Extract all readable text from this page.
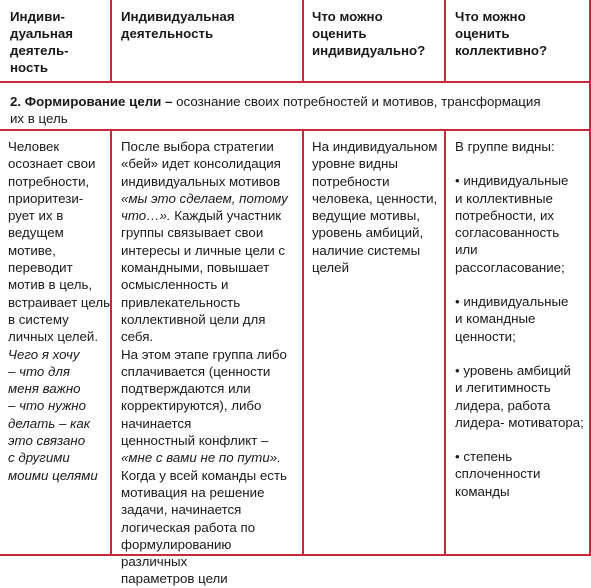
Индиви-
дуальная
деятель-
ность
Индивидуальная
деятельность
Что можно
оценить
индивидуально?
Что можно
оценить
коллективно?
2. Формирование цели – осознание своих потребностей и мотивов, трансформация
их в цель
Человек
осознает свои
потребности,
приоритези-
рует их в
ведущем
мотиве,
переводит
мотив в цель,
встраивает цель
в систему
личных целей.
Чего я хочу
– что для
меня важно
– что нужно
делать – как
это связано
с другими
моими целями
После выбора стратегии
«бей» идет консолидация
индивидуальных мотивов
«мы это сделаем, потому
что…». Каждый участник
группы связывает свои
интересы и личные цели с
командными, повышает
осмысленность и
привлекательность
коллективной цели для себя.
На этом этапе группа либо
сплачивается (ценности
подтверждаются или
корректируются), либо
начинается
ценностный конфликт –
«мне с вами не по пути».
Когда у всей команды есть
мотивация на решение
задачи, начинается
логическая работа по
формулированию различных
параметров цели
На индивидуальном
уровне видны
потребности
человека, ценности,
ведущие мотивы,
уровень амбиций,
наличие системы
целей

В группе видны:

• индивидуальные
и коллективные
потребности, их
согласованность
или
рассогласование;

• индивидуальные
и командные
ценности;

• уровень амбиций
и легитимность
лидера, работа
лидера- мотиватора;

• степень
сплоченности
команды
